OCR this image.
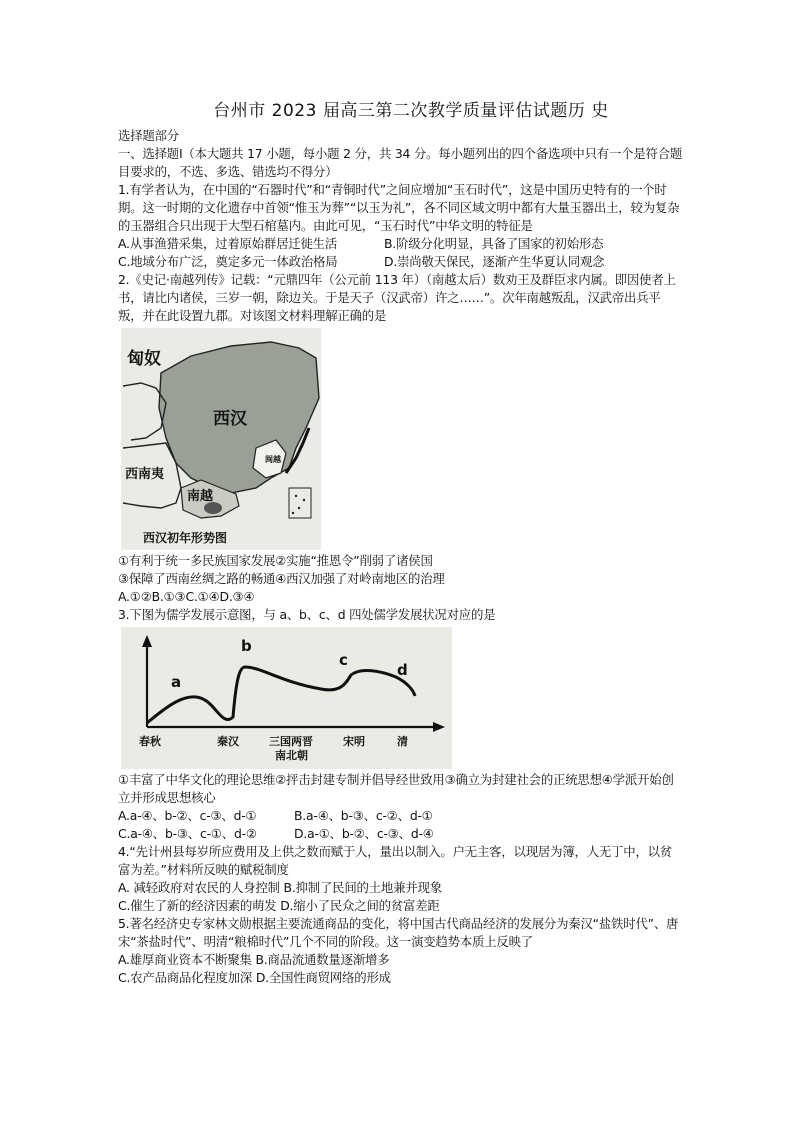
台州市 2023 届高三第二次教学质量评估试题历 史

选择题部分

一、选择题Ⅰ（本大题共 17 小题，每小题 2 分，共 34 分。每小题列出的四个备选项中只有一个是符合题目要求的，不选、多选、错选均不得分）

1.有学者认为，在中国的“石器时代”和“青铜时代”之间应增加“玉石时代”，这是中国历史特有的一个时期。这一时期的文化遗存中首领“惟玉为葬”“以玉为礼”，各不同区域文明中都有大量玉器出土，较为复杂的玉器组合只出现于大型石棺墓内。由此可见，“玉石时代”中华文明的特征是

A.从事渔猎采集，过着原始群居迁徙生活	B.阶级分化明显，具备了国家的初始形态
C.地域分布广泛，奠定多元一体政治格局	D.崇尚敬天保民，逐渐产生华夏认同观念

2.《史记·南越列传》记载：“元鼎四年（公元前 113 年）（南越太后）数劝王及群臣求内属。即因使者上书，请比内诸侯，三岁一朝，除边关。于是天子（汉武帝）许之……”。次年南越叛乱，汉武帝出兵平叛，并在此设置九郡。对该图文材料理解正确的是

匈奴
西汉
西南夷
南越
闽越
西汉初年形势图

①有利于统一多民族国家发展②实施“推恩令”削弱了诸侯国

③保障了西南丝绸之路的畅通④西汉加强了对岭南地区的治理

A.①②B.①③C.①④D.③④

3.下图为儒学发展示意图，与 a、b、c、d 四处儒学发展状况对应的是

a
b
c
d
春秋	秦汉	三国两晋
南北朝
宋明	清

①丰富了中华文化的理论思维②抨击封建专制并倡导经世致用③确立为封建社会的正统思想④学派开始创立并形成思想核心

A.a-④、b-②、c-③、d-①	B.a-④、b-③、c-②、d-①
C.a-④、b-③、c-①、d-②	D.a-①、b-②、c-③、d-④

4.“先计州县每岁所应费用及上供之数而赋于人，量出以制入。户无主客，以现居为簿，人无丁中，以贫富为差。”材料所反映的赋税制度

A. 减轻政府对农民的人身控制 B.抑制了民间的土地兼并现象

C.催生了新的经济因素的萌发 D.缩小了民众之间的贫富差距

5.著名经济史专家林文勋根据主要流通商品的变化，将中国古代商品经济的发展分为秦汉“盐铁时代”、唐宋“茶盐时代”、明清“粮棉时代”几个不同的阶段。这一演变趋势本质上反映了

A.雄厚商业资本不断聚集 B.商品流通数量逐渐增多

C.农产品商品化程度加深 D.全国性商贸网络的形成
